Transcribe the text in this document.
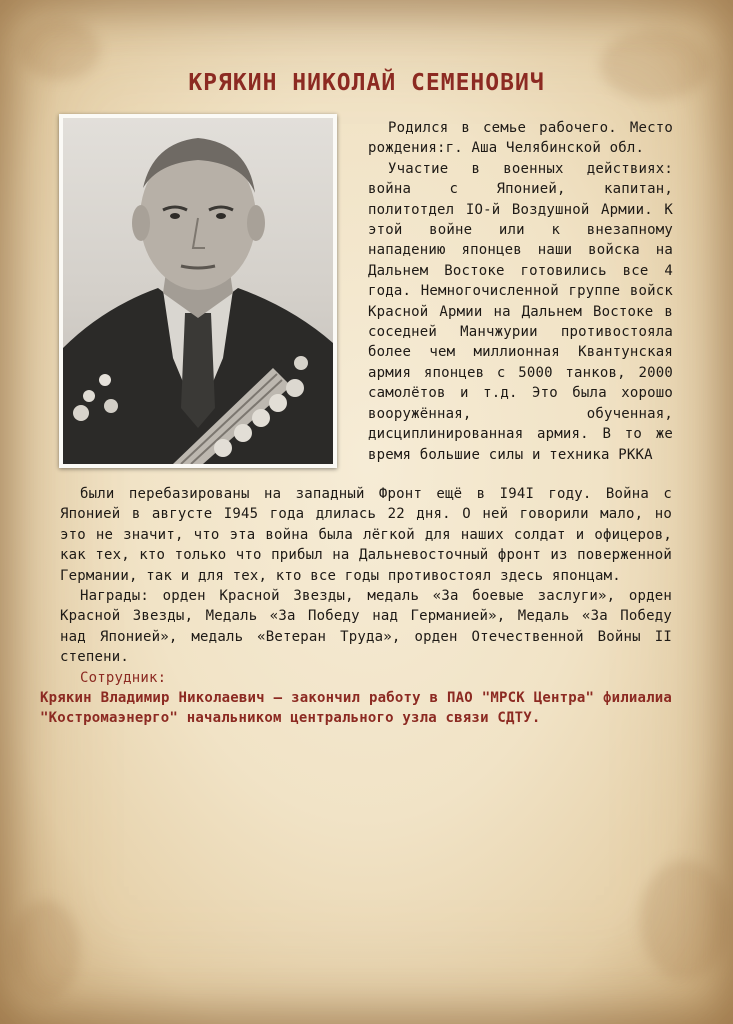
КРЯКИН НИКОЛАЙ СЕМЕНОВИЧ

Родился в семье рабочего. Место рождения:г. Аша Челябинской обл.

Участие в военных действиях: война с Японией, капитан, политотдел IO-й Воздушной Армии. К этой войне или к внезапному нападению японцев наши войска на Дальнем Востоке готовились все 4 года. Немногочисленной группе войск Красной Армии на Дальнем Востоке в соседней Манчжурии противостояла более чем миллионная Квантунская армия японцев с 5000 танков, 2000 самолётов и т.д. Это была хорошо вооружённая, обученная, дисциплинированная армия. В то же время большие силы и техника РККА

были перебазированы на западный Фронт ещё в I94I году. Война с Японией в августе I945 года длилась 22 дня. О ней говорили мало, но это не значит, что эта война была лёгкой для наших солдат и офицеров, как тех, кто только что прибыл на Дальневосточный фронт из поверженной Германии, так и для тех, кто все годы противостоял здесь японцам.

Награды: орден Красной Звезды, медаль «За боевые заслуги», орден Красной Звезды, Медаль «За Победу над Германией», Медаль «За Победу над Японией», медаль «Ветеран Труда», орден Отечественной Войны II степени.

Сотрудник:

Крякин Владимир Николаевич – закончил работу в ПАО "МРСК Центра" филиалиа "Костромаэнерго" начальником центрального узла связи СДТУ.
